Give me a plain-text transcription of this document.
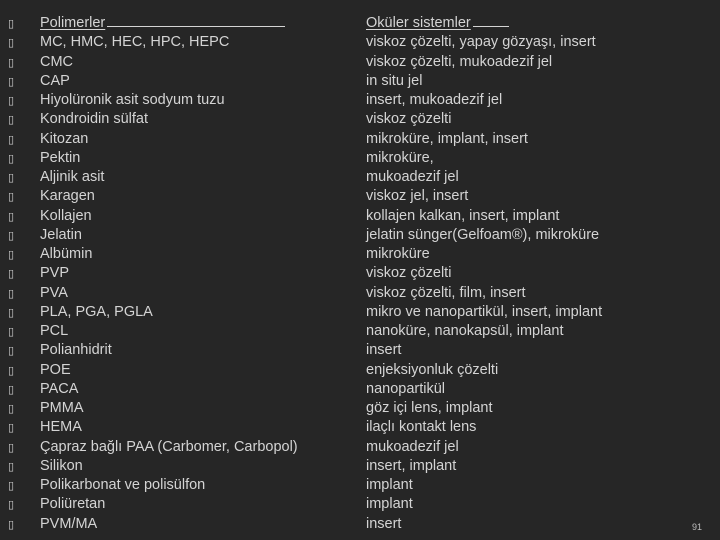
▯
▯
▯
▯
▯
▯
▯
▯
▯
▯
▯
▯
▯
▯
▯
▯
▯
▯
▯
▯
▯
▯
▯
▯
▯
▯
▯
Polimerler
MC, HMC, HEC, HPC, HEPC
CMC
CAP
Hiyolüronik asit sodyum tuzu
Kondroidin sülfat
Kitozan
Pektin
Aljinik asit
Karagen
Kollajen
Jelatin
Albümin
PVP
PVA
PLA, PGA, PGLA
PCL
Polianhidrit
POE
PACA
PMMA
HEMA
Çapraz bağlı PAA (Carbomer, Carbopol)
Silikon
Polikarbonat ve polisülfon
Poliüretan
PVM/MA
Oküler sistemler
viskoz çözelti, yapay gözyaşı, insert
viskoz çözelti, mukoadezif jel
in situ jel
insert, mukoadezif jel
viskoz çözelti
mikroküre, implant, insert
mikroküre,
mukoadezif jel
viskoz jel, insert
kollajen kalkan, insert, implant
jelatin sünger(Gelfoam®), mikroküre
mikroküre
viskoz çözelti
viskoz çözelti, film, insert
mikro ve nanopartikül, insert, implant
nanoküre, nanokapsül, implant
insert
enjeksiyonluk çözelti
nanopartikül
göz içi lens, implant
ilaçlı kontakt lens
mukoadezif jel
insert, implant
implant
implant
insert	91
